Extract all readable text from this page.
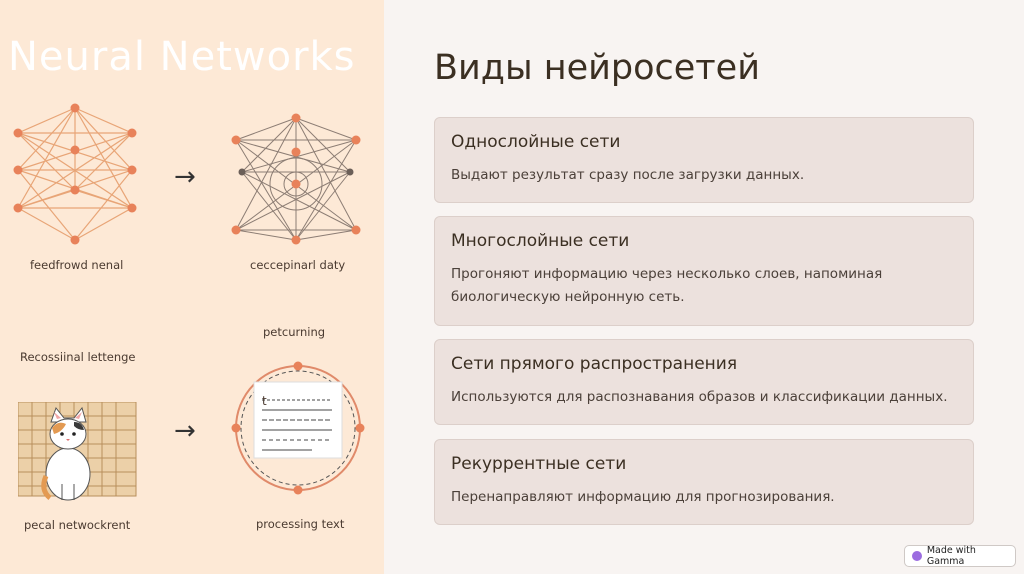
Neural Networks
feedfrowd nenal
→
ceccepinarl daty
petcurning
Recossiinal lettenge
pecal netwockrent
→
t
processing text
Виды нейросетей

Однослойные сети

Выдают результат сразу после загрузки данных.

Многослойные сети

Прогоняют информацию через несколько слоев, напоминая биологическую нейронную сеть.

Сети прямого распространения

Используются для распознавания образов и классификации данных.

Рекуррентные сети

Перенаправляют информацию для прогнозирования.

Made with Gamma
